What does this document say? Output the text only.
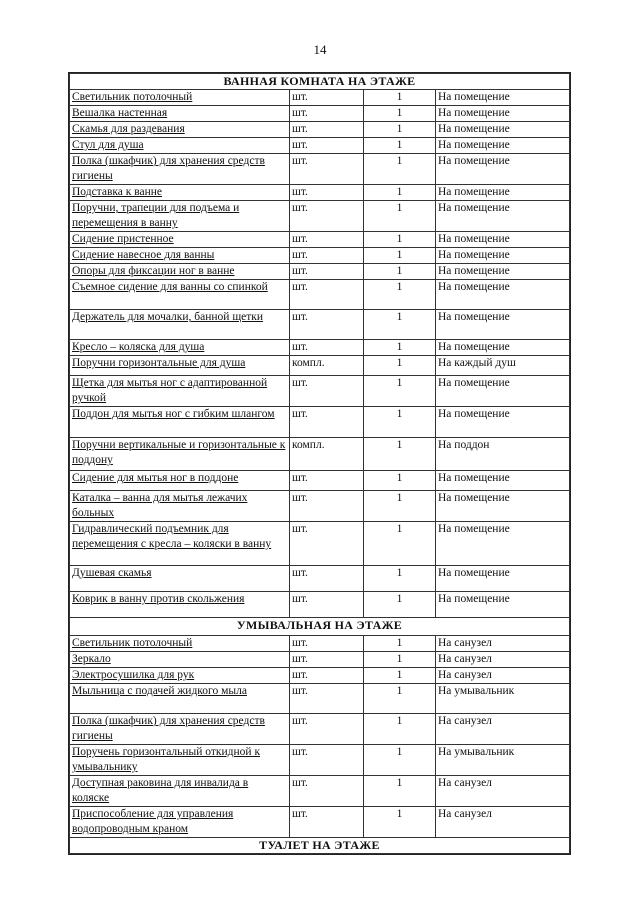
14
ВАННАЯ КОМНАТА НА ЭТАЖЕ			
Светильник потолочный	шт.	1	На помещение
Вешалка настенная	шт.	1	На помещение
Скамья для раздевания	шт.	1	На помещение
Стул для душа	шт.	1	На помещение
Полка (шкафчик) для хранения средств гигиены	шт.	1	На помещение
Подставка к ванне	шт.	1	На помещение
Поручни, трапеции для подъема и перемещения в ванну	шт.	1	На помещение
Сидение пристенное	шт.	1	На помещение
Сидение навесное для ванны	шт.	1	На помещение
Опоры для фиксации ног в ванне	шт.	1	На помещение
Съемное сидение для ванны со спинкой	шт.	1	На помещение
Держатель для мочалки, банной щетки	шт.	1	На помещение
Кресло – коляска для душа	шт.	1	На помещение
Поручни горизонтальные для душа	компл.	1	На каждый душ
Щетка для мытья ног с адаптированной ручкой	шт.	1	На помещение
Поддон для мытья ног с гибким шлангом	шт.	1	На помещение
Поручни вертикальные и горизонтальные к поддону	компл.	1	На поддон
Сидение для мытья ног в поддоне	шт.	1	На помещение
Каталка – ванна для мытья лежачих больных	шт.	1	На помещение
Гидравлический подъемник для перемещения с кресла – коляски в ванну	шт.	1	На помещение
Душевая скамья	шт.	1	На помещение
Коврик в ванну против скольжения	шт.	1	На помещение
УМЫВАЛЬНАЯ НА ЭТАЖЕ			
Светильник потолочный	шт.	1	На санузел
Зеркало	шт.	1	На санузел
Электросушилка для рук	шт.	1	На санузел
Мыльница с подачей жидкого мыла	шт.	1	На умывальник
Полка (шкафчик) для хранения средств гигиены	шт.	1	На санузел
Поручень горизонтальный откидной к умывальнику	шт.	1	На умывальник
Доступная раковина для инвалида в коляске	шт.	1	На санузел
Приспособление для управления водопроводным краном	шт.	1	На санузел
ТУАЛЕТ НА ЭТАЖЕ			
